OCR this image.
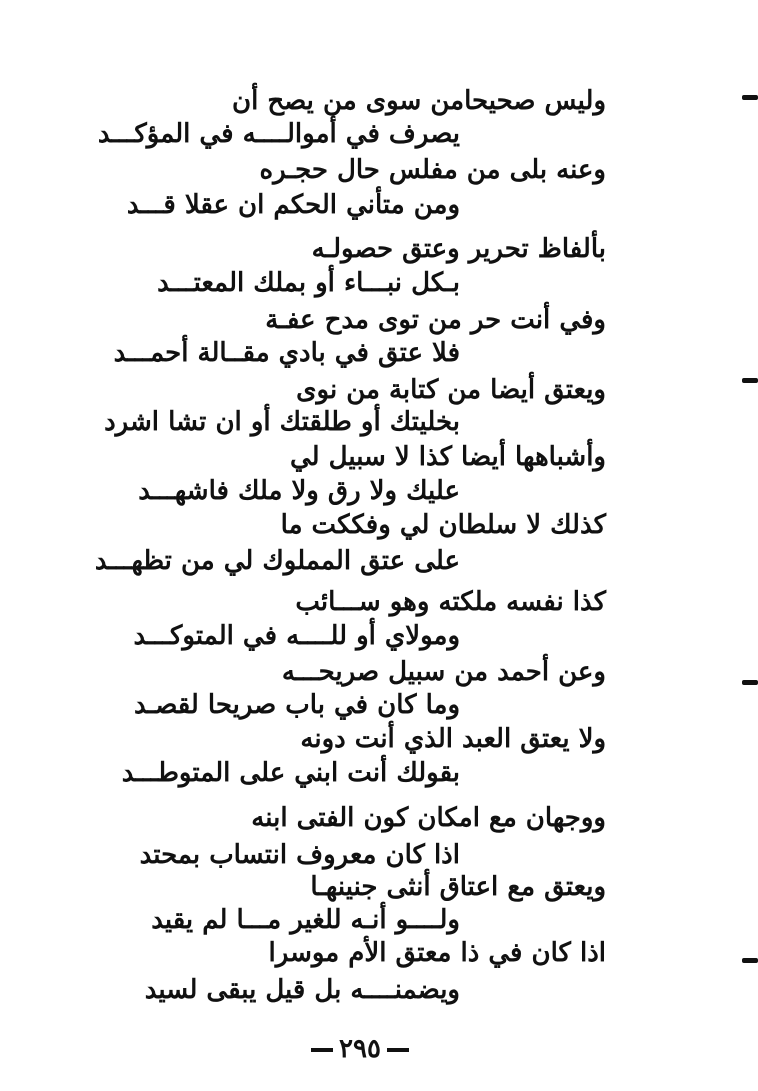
وليس صحيحامن سوى من يصح أن
يصرف في أموالــــه في المؤكـــد
وعنه بلى من مفلس حال حجـره
ومن متأني الحكم ان عقلا قـــد
بألفاظ تحرير وعتق حصولـه
بـكل نبـــاء أو بملك المعتـــد
وفي أنت حر من توى مدح عفـة
فلا عتق في بادي مقــالة أحمـــد
ويعتق أيضا من كتابة من نوى
بخليتك أو طلقتك أو ان تشا اشرد
وأشباهها أيضا كذا لا سبيل لي
عليك ولا رق ولا ملك فاشهـــد
كذلك لا سلطان لي وفككت ما
على عتق المملوك لي من تظهـــد
كذا نفسه ملكته وهو ســـائب
ومولاي أو للــــه في المتوكـــد
وعن أحمد من سبيل صريحـــه
وما كان في باب صريحا لقصـد
ولا يعتق العبد الذي أنت دونه
بقولك أنت ابني على المتوطـــد
ووجهان مع امكان كون الفتى ابنه
اذا كان معروف انتساب بمحتد
ويعتق مع اعتاق أنثى جنينهـا
ولــــو أنـه للغير مـــا لم يقيد
اذا كان في ذا معتق الأم موسرا
ويضمنــــه بل قيل يبقى لسيد
٢٩٥
